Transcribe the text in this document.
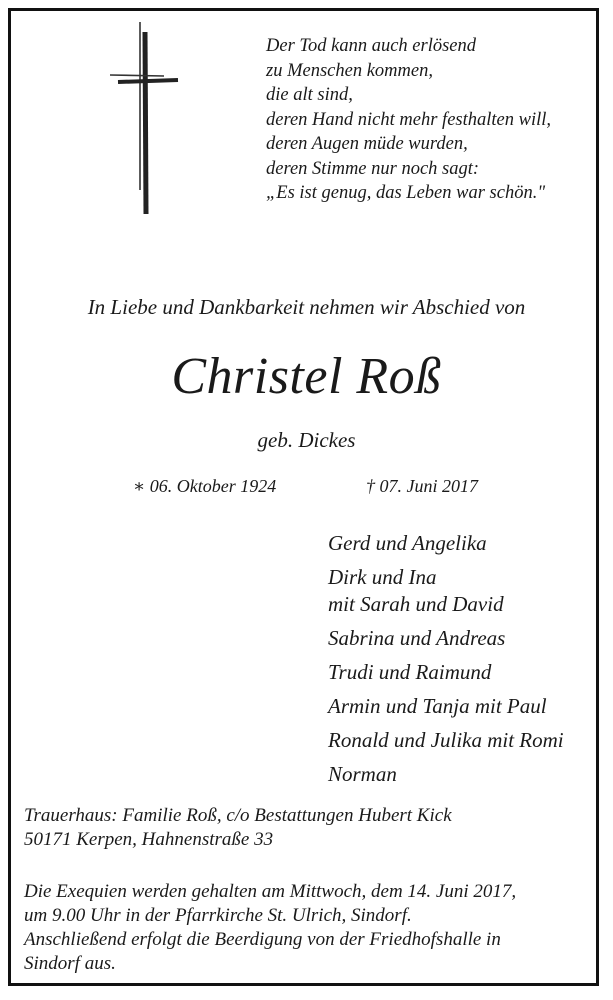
Der Tod kann auch erlösend
zu Menschen kommen,
die alt sind,
deren Hand nicht mehr festhalten will,
deren Augen müde wurden,
deren Stimme nur noch sagt:
„Es ist genug, das Leben war schön."
In Liebe und Dankbarkeit nehmen wir Abschied von
Christel Roß
geb. Dickes
∗ 06. Oktober 1924	† 07. Juni 2017
Gerd und Angelika
Dirk und Ina
mit Sarah und David
Sabrina und Andreas
Trudi und Raimund
Armin und Tanja mit Paul
Ronald und Julika mit Romi
Norman
Trauerhaus: Familie Roß, c/o Bestattungen Hubert Kick
50171 Kerpen, Hahnenstraße 33
Die Exequien werden gehalten am Mittwoch, dem 14. Juni 2017,
um 9.00 Uhr in der Pfarrkirche St. Ulrich, Sindorf.
Anschließend erfolgt die Beerdigung von der Friedhofshalle in
Sindorf aus.
